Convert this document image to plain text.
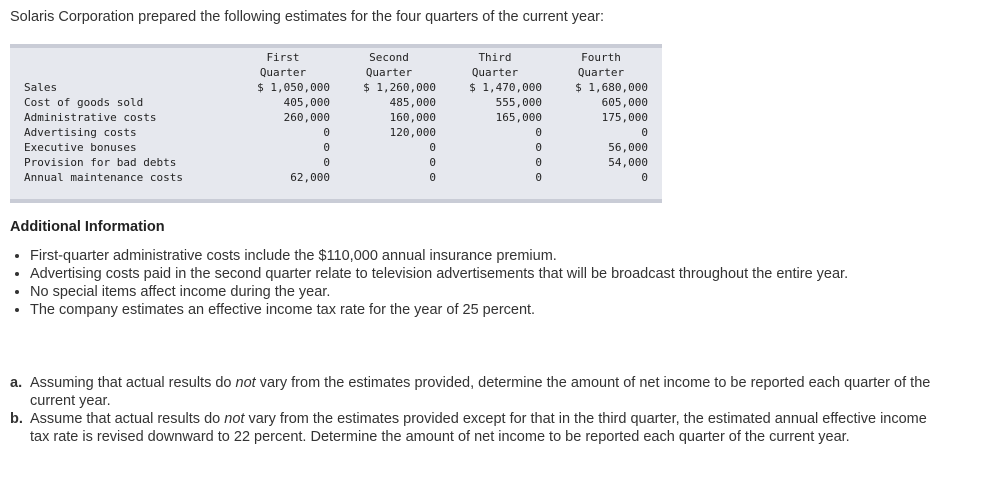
Solaris Corporation prepared the following estimates for the four quarters of the current year:
	First	Second	Third	Fourth
	Quarter	Quarter	Quarter	Quarter
Sales	$ 1,050,000	$ 1,260,000	$ 1,470,000	$ 1,680,000
Cost of goods sold	405,000	485,000	555,000	605,000
Administrative costs	260,000	160,000	165,000	175,000
Advertising costs	0	120,000	0	0
Executive bonuses	0	0	0	56,000
Provision for bad debts	0	0	0	54,000
Annual maintenance costs	62,000	0	0	0
Additional Information
• First-quarter administrative costs include the $110,000 annual insurance premium.
• Advertising costs paid in the second quarter relate to television advertisements that will be broadcast throughout the entire year.
• No special items affect income during the year.
• The company estimates an effective income tax rate for the year of 25 percent.
a. Assuming that actual results do not vary from the estimates provided, determine the amount of net income to be reported each quarter of the current year.
b. Assume that actual results do not vary from the estimates provided except for that in the third quarter, the estimated annual effective income tax rate is revised downward to 22 percent. Determine the amount of net income to be reported each quarter of the current year.
